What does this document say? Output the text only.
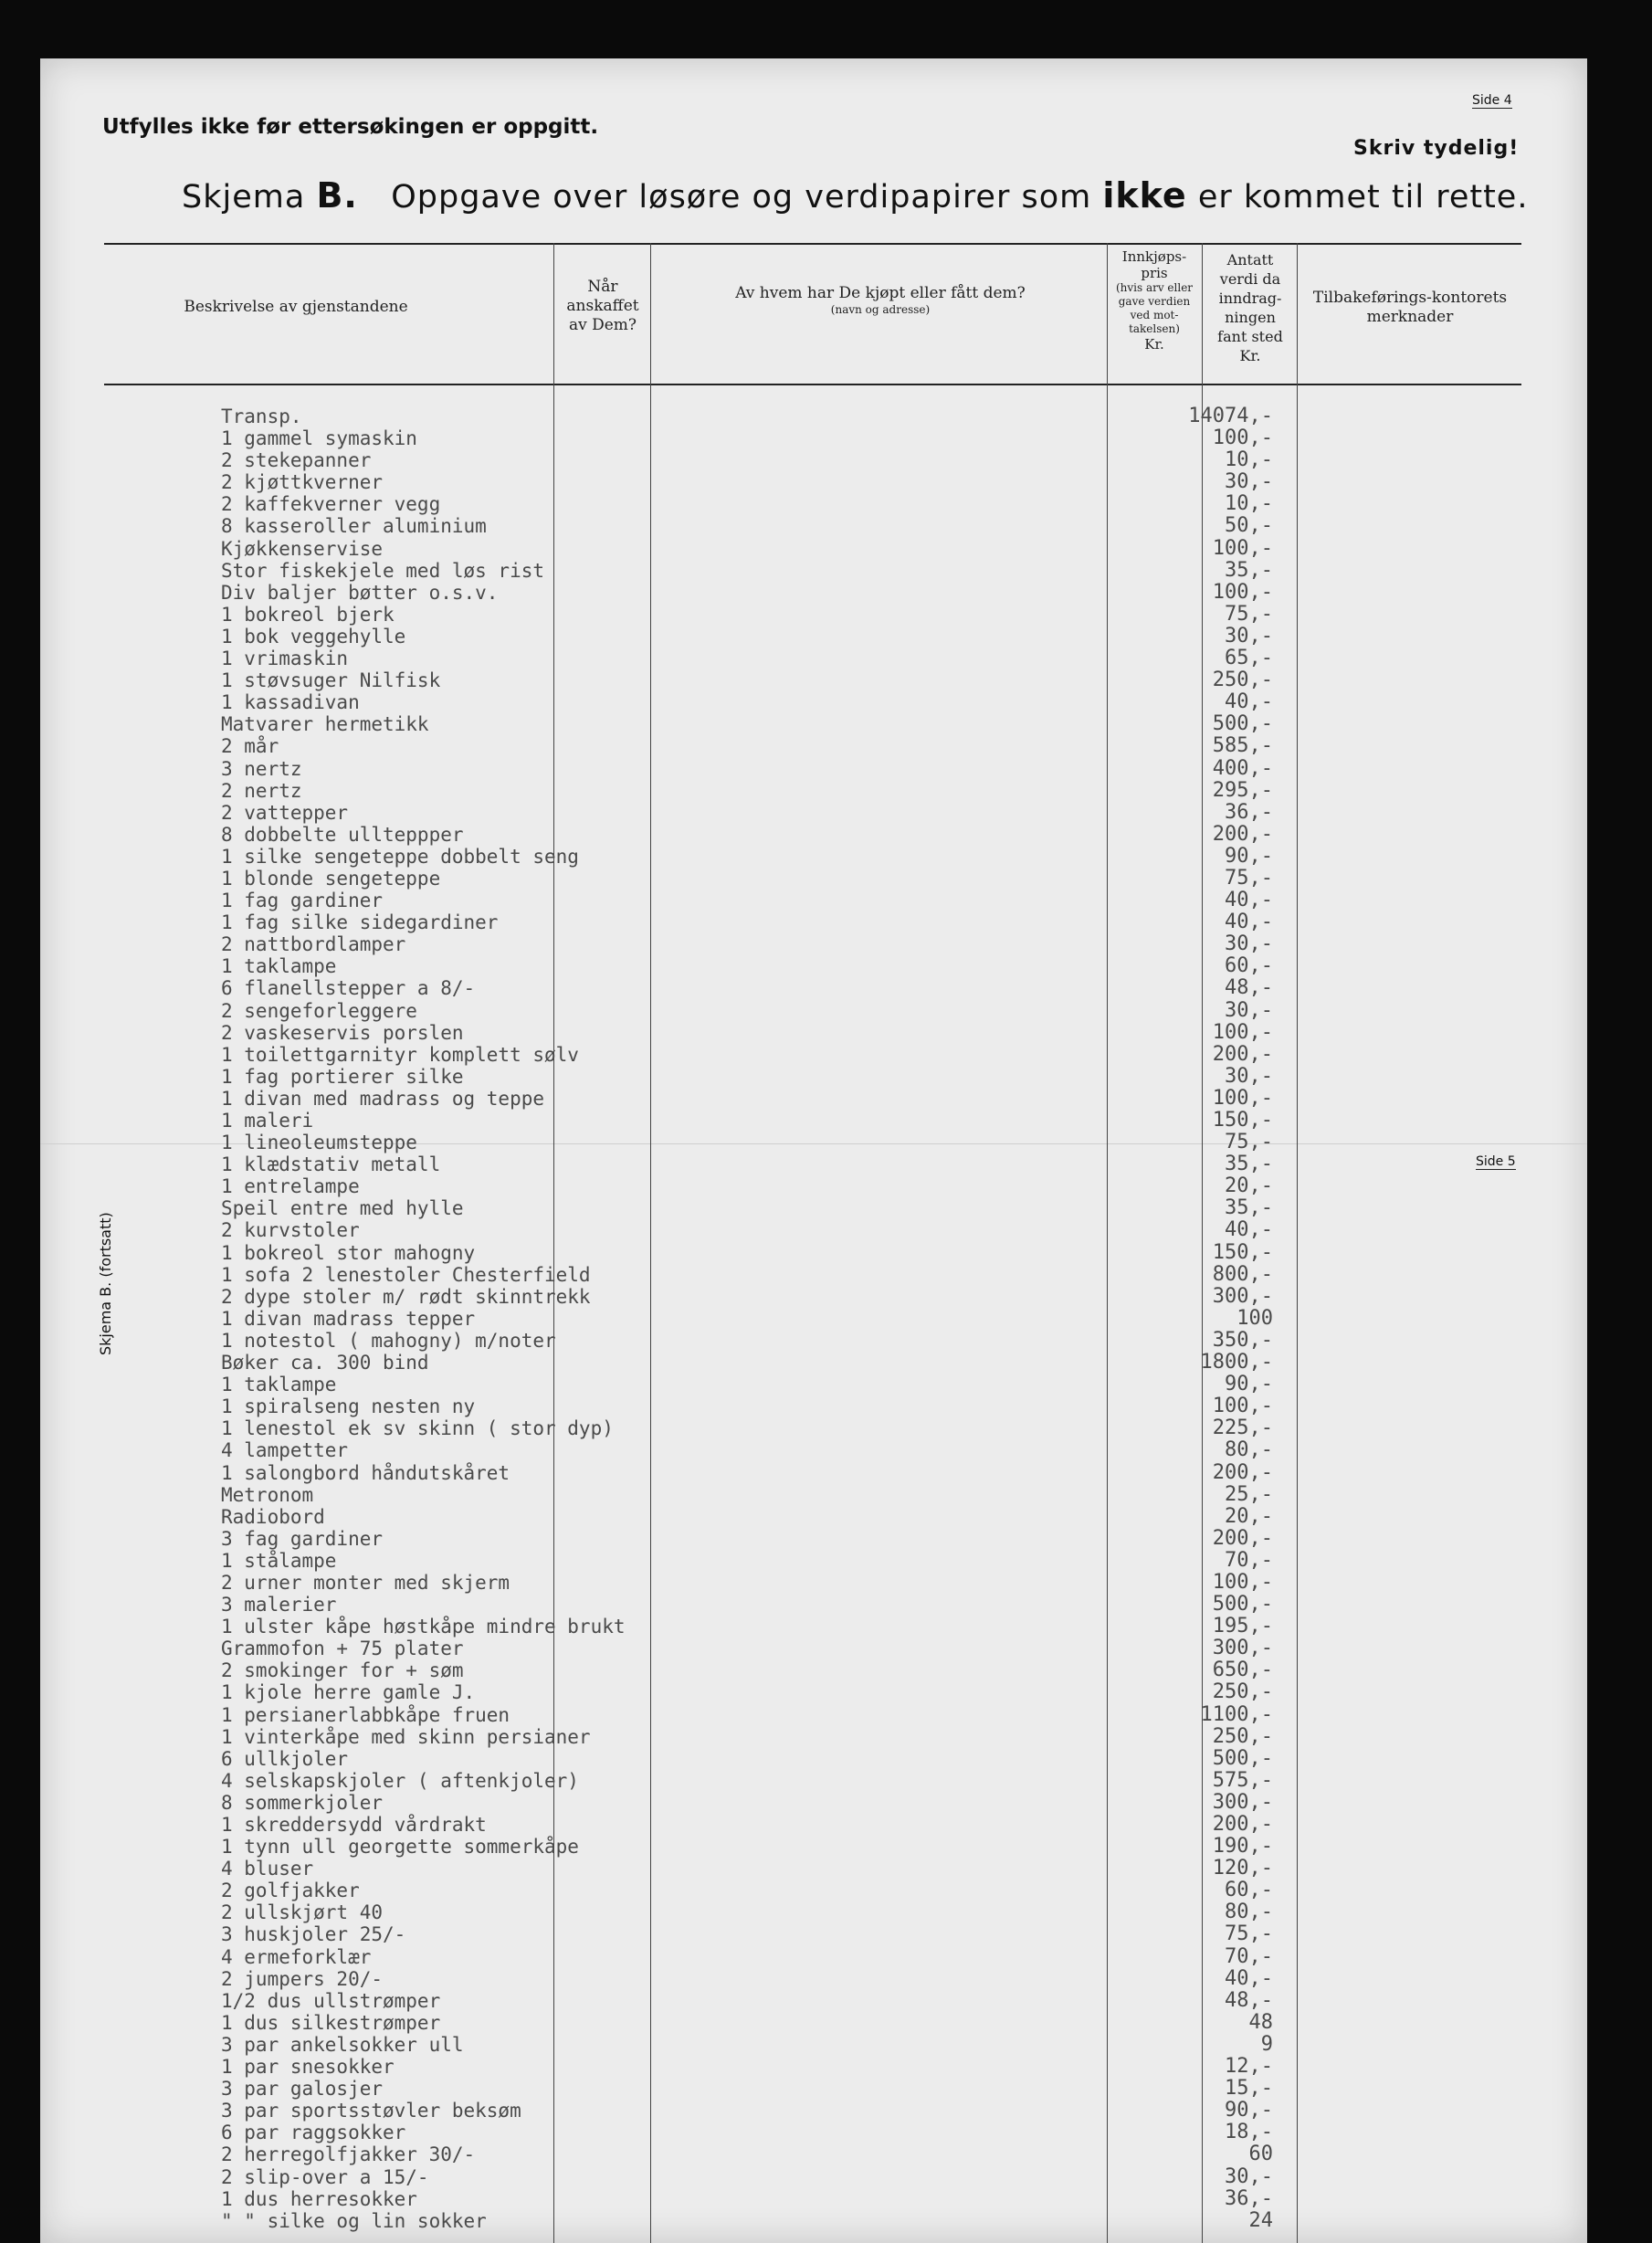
Utfylles ikke før ettersøkingen er oppgitt.
Side 4
Skriv tydelig!
Skjema B. Oppgave over løsøre og verdipapirer som ikke er kommet til rette.
Beskrivelse av gjenstandene
Når anskaffet av Dem?
Av hvem har De kjøpt eller fått dem?
(navn og adresse)
Innkjøps-pris
(hvis arv eller gave verdien ved mot-takelsen)
Kr.
Antatt verdi da inndrag-ningen fant sted
Kr.
Tilbakeførings-kontorets merknader
Side 5
Skjema B. (fortsatt)
Transp.
1 gammel symaskin
2 stekepanner
2 kjøttkverner
2 kaffekverner vegg
8 kasseroller aluminium
Kjøkkenservise
Stor fiskekjele med løs rist
Div baljer bøtter o.s.v.
1 bokreol bjerk
1 bok veggehylle
1 vrimaskin
1 støvsuger Nilfisk
1 kassadivan
Matvarer hermetikk
2 mår
3 nertz
2 nertz
2 vattepper
8 dobbelte ullteppper
1 silke sengeteppe dobbelt seng
1 blonde sengeteppe
1 fag gardiner
1 fag silke sidegardiner
2 nattbordlamper
1 taklampe
6 flanellstepper a 8/-
2 sengeforleggere
2 vaskeservis porslen
1 toilettgarnityr komplett sølv
1 fag portierer silke
1 divan med madrass og teppe
1 maleri
1 lineoleumsteppe
1 klædstativ metall
1 entrelampe
Speil entre med hylle
2 kurvstoler
1 bokreol stor mahogny
1 sofa 2 lenestoler Chesterfield
2 dype stoler m/ rødt skinntrekk
1 divan madrass tepper
1 notestol ( mahogny) m/noter
Bøker ca. 300 bind
1 taklampe
1 spiralseng nesten ny
1 lenestol ek sv skinn ( stor dyp)
4 lampetter
1 salongbord håndutskåret
Metronom
Radiobord
3 fag gardiner
1 stålampe
2 urner monter med skjerm
3 malerier
1 ulster kåpe høstkåpe mindre brukt
Grammofon + 75 plater
2 smokinger for + søm
1 kjole herre gamle J.
1 persianerlabbkåpe fruen
1 vinterkåpe med skinn persianer
6 ullkjoler
4 selskapskjoler ( aftenkjoler)
8 sommerkjoler
1 skreddersydd vårdrakt
1 tynn ull georgette sommerkåpe
4 bluser
2 golfjakker
2 ullskjørt 40
3 huskjoler 25/-
4 ermeforklær
2 jumpers 20/-
1/2 dus ullstrømper
1 dus silkestrømper
3 par ankelsokker ull
1 par snesokker
3 par galosjer
3 par sportsstøvler beksøm
6 par raggsokker
2 herregolfjakker 30/-
2 slip-over a 15/-
1 dus herresokker
" " silke og lin sokker
14074,-
100,-
10,-
30,-
10,-
50,-
100,-
35,-
100,-
75,-
30,-
65,-
250,-
40,-
500,-
585,-
400,-
295,-
36,-
200,-
90,-
75,-
40,-
40,-
30,-
60,-
48,-
30,-
100,-
200,-
30,-
100,-
150,-
75,-
35,-
20,-
35,-
40,-
150,-
800,-
300,-
100
350,-
1800,-
90,-
100,-
225,-
80,-
200,-
25,-
20,-
200,-
70,-
100,-
500,-
195,-
300,-
650,-
250,-
1100,-
250,-
500,-
575,-
300,-
200,-
190,-
120,-
60,-
80,-
75,-
70,-
40,-
48,-
48
9
12,-
15,-
90,-
18,-
60
30,-
36,-
24
